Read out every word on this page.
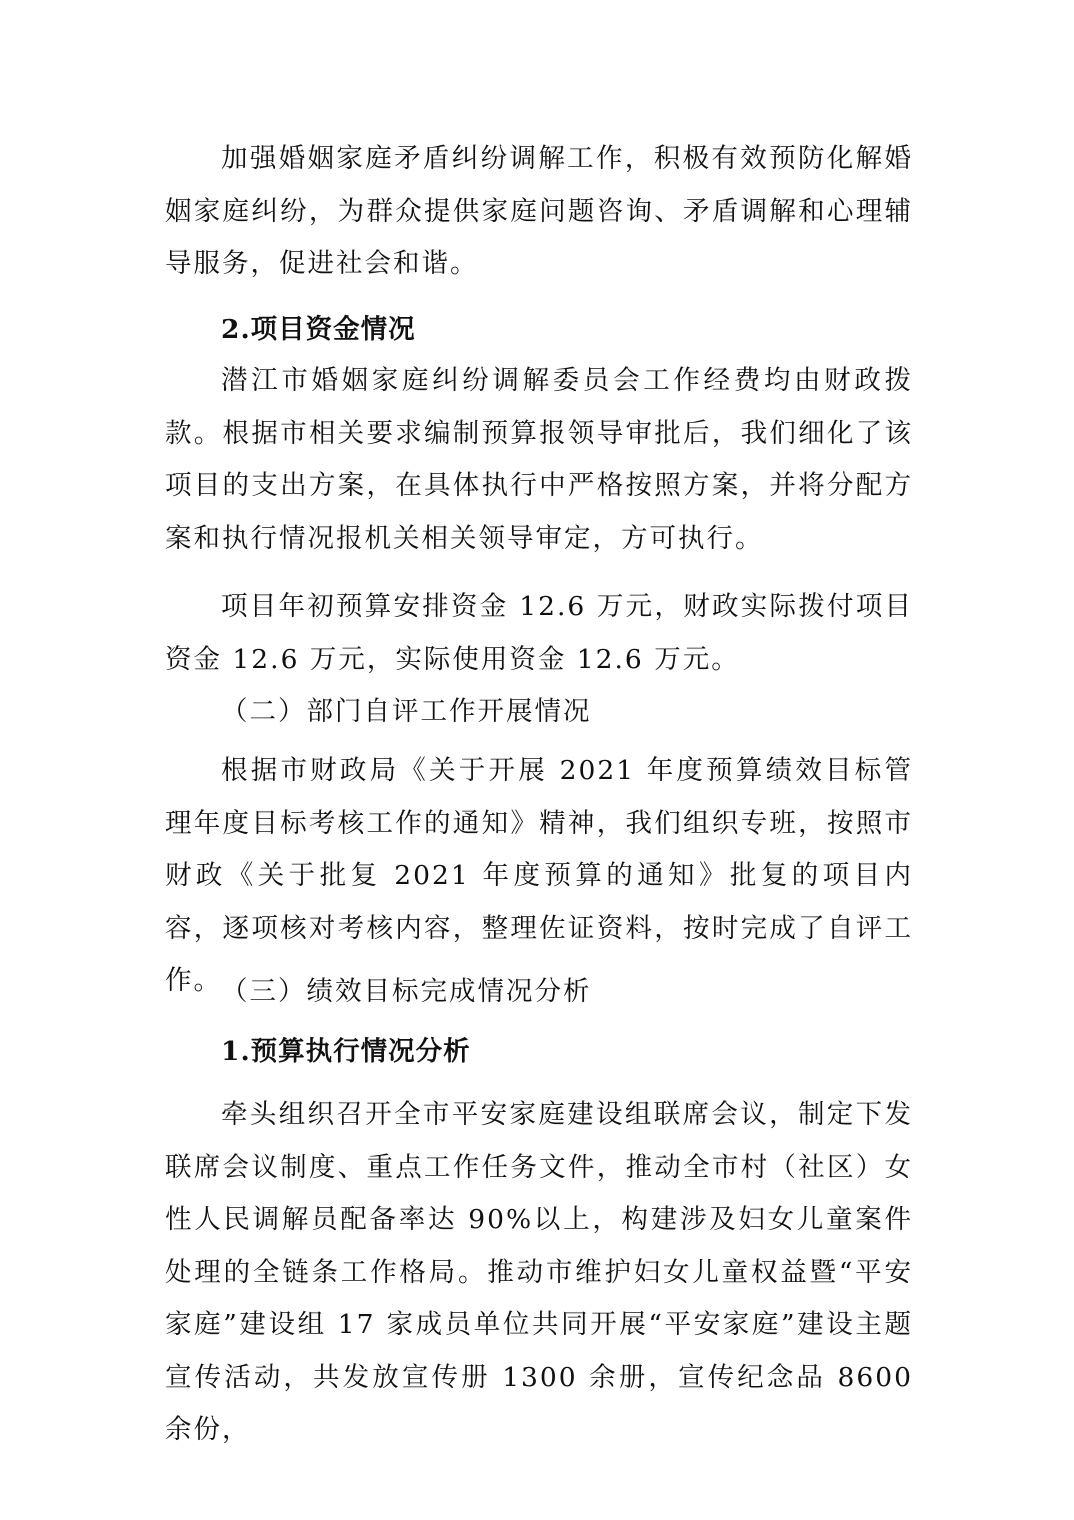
加强婚姻家庭矛盾纠纷调解工作，积极有效预防化解婚姻家庭纠纷，为群众提供家庭问题咨询、矛盾调解和心理辅导服务，促进社会和谐。

2.项目资金情况

潜江市婚姻家庭纠纷调解委员会工作经费均由财政拨款。根据市相关要求编制预算报领导审批后，我们细化了该项目的支出方案，在具体执行中严格按照方案，并将分配方案和执行情况报机关相关领导审定，方可执行。

项目年初预算安排资金 12.6 万元，财政实际拨付项目资金 12.6 万元，实际使用资金 12.6 万元。

（二）部门自评工作开展情况

根据市财政局《关于开展 2021 年度预算绩效目标管理年度目标考核工作的通知》精神，我们组织专班，按照市财政《关于批复 2021 年度预算的通知》批复的项目内容，逐项核对考核内容，整理佐证资料，按时完成了自评工作。 （三）绩效目标完成情况分析

1.预算执行情况分析

牵头组织召开全市平安家庭建设组联席会议，制定下发联席会议制度、重点工作任务文件，推动全市村（社区）女性人民调解员配备率达 90%以上，构建涉及妇女儿童案件处理的全链条工作格局。推动市维护妇女儿童权益暨“平安家庭”建设组 17 家成员单位共同开展“平安家庭”建设主题宣传活动，共发放宣传册 1300 余册，宣传纪念品 8600 余份，
